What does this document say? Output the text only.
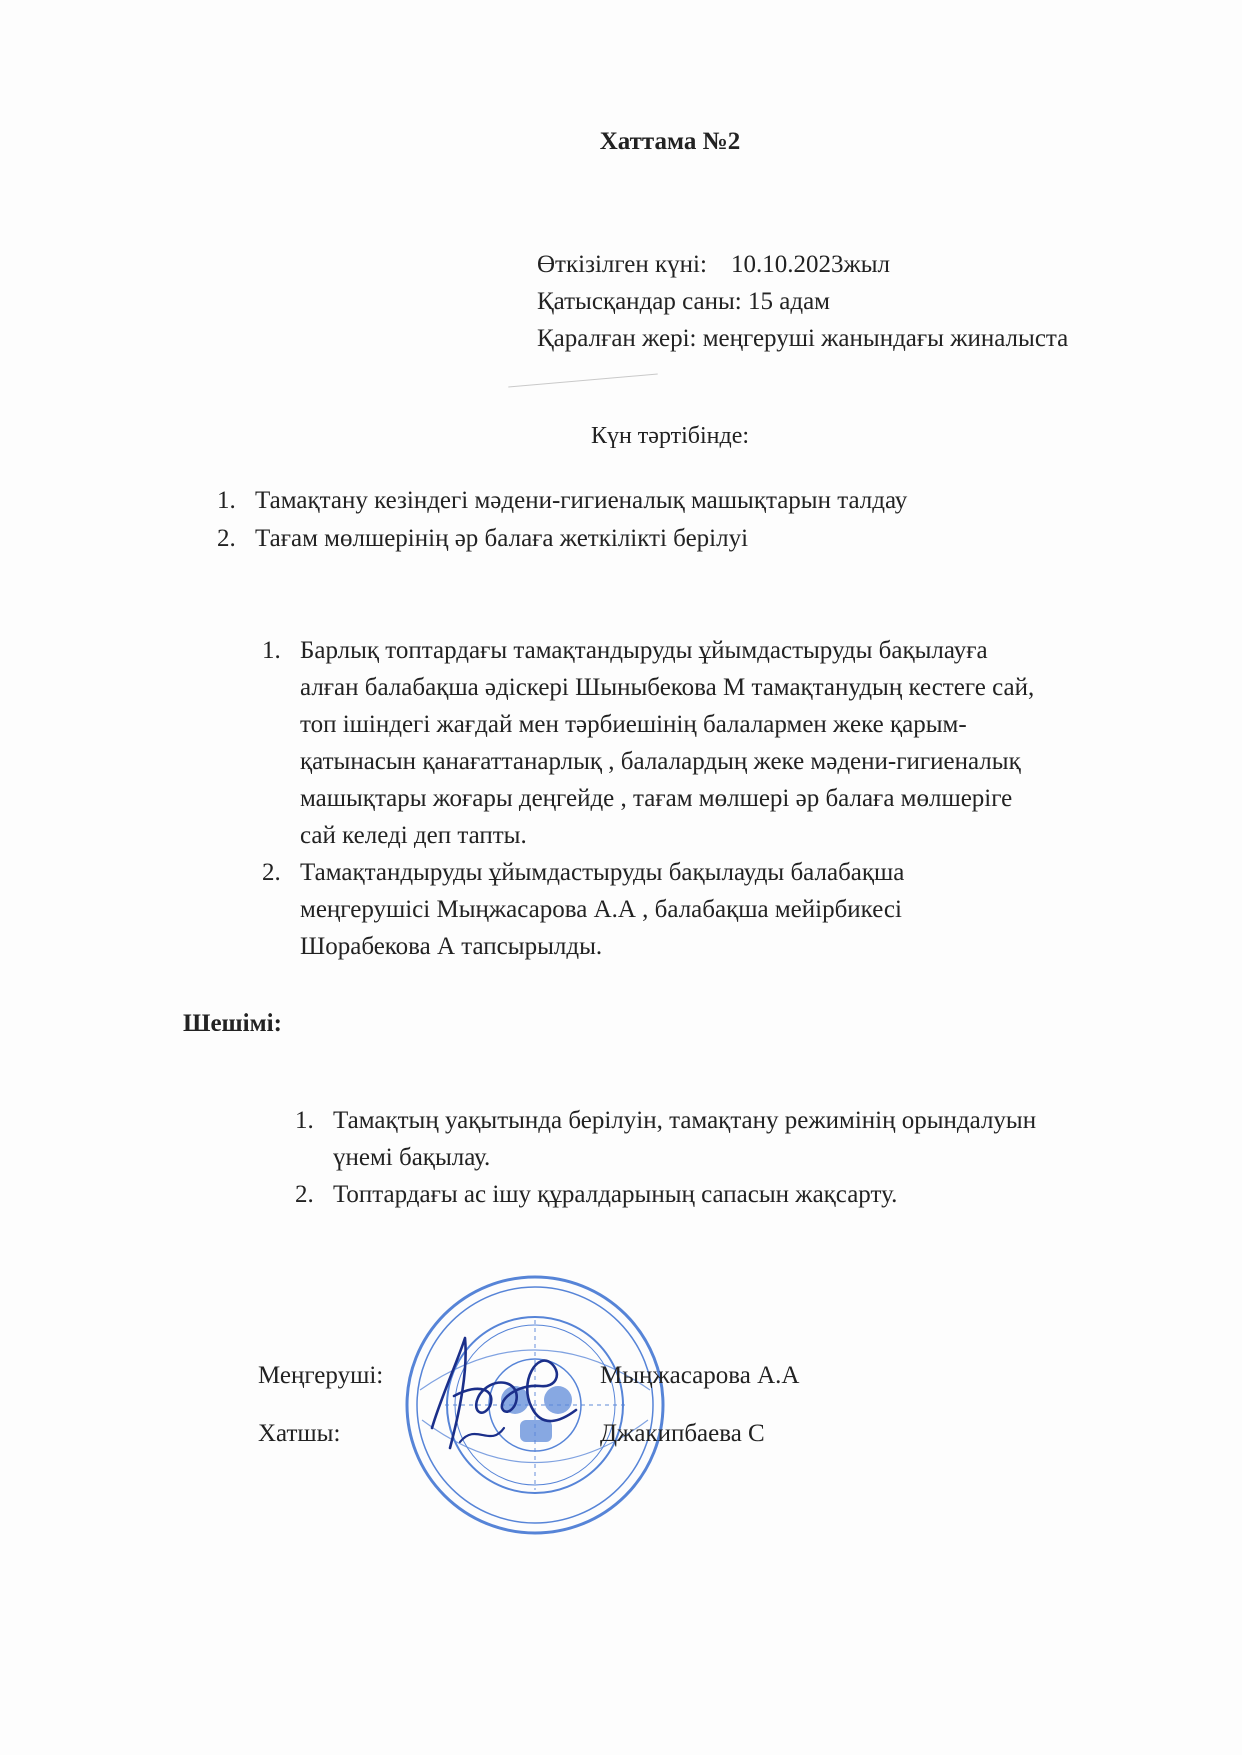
Хаттама №2
Өткізілген күні: 10.10.2023жыл
Қатысқандар саны: 15 адам
Қаралған жері: меңгеруші жанындағы жиналыста
Күн тәртібінде:
1. Тамақтану кезіндегі мәдени-гигиеналық машықтарын талдау
2. Тағам мөлшерінің әр балаға жеткілікті берілуі
1. Барлық топтардағы тамақтандыруды ұйымдастыруды бақылауға
алған балабақша әдіскері Шыныбекова М тамақтанудың кестеге сай,
топ ішіндегі жағдай мен тәрбиешінің балалармен жеке қарым-
қатынасын қанағаттанарлық , балалардың жеке мәдени-гигиеналық
машықтары жоғары деңгейде , тағам мөлшері әр балаға мөлшеріге
сай келеді деп тапты.
2. Тамақтандыруды ұйымдастыруды бақылауды балабақша
меңгерушісі Мыңжасарова А.А , балабақша мейірбикесі
Шорабекова А тапсырылды.
Шешімі:
1. Тамақтың уақытында берілуін, тамақтану режимінің орындалуын
үнемі бақылау.
2. Топтардағы ас ішу құралдарының сапасын жақсарту.
Меңгеруші:	Мыңжасарова А.А
Хатшы:	Джакипбаева С
